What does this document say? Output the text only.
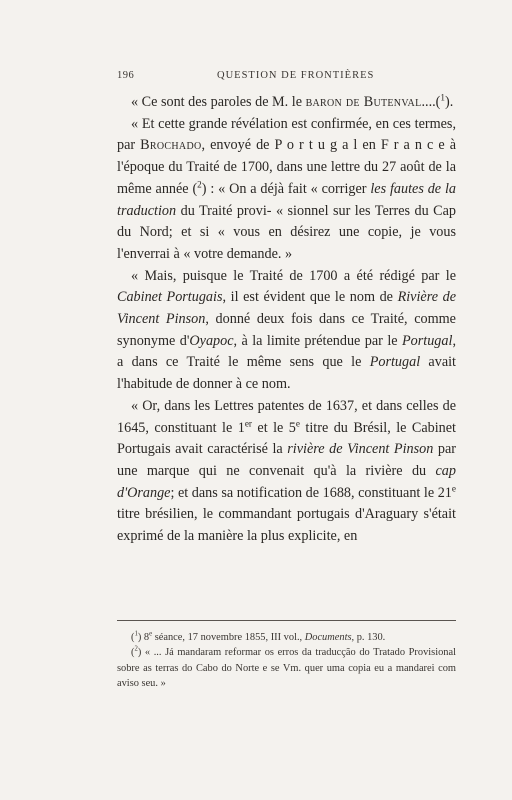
196	QUESTION DE FRONTIÈRES

« Ce sont des paroles de M. le baron de Butenval....($^1$).

« Et cette grande révélation est confirmée, en ces termes, par Brochado, envoyé de P o r t u g a l en F r a n c e à l'époque du Traité de 1700, dans une lettre du 27 août de la même année ($^2$) : « On a déjà fait « corriger les fautes de la traduction du Traité provi- « sionnel sur les Terres du Cap du Nord; et si « vous en désirez une copie, je vous l'enverrai à « votre demande. »

« Mais, puisque le Traité de 1700 a été rédigé par le Cabinet Portugais, il est évident que le nom de Rivière de Vincent Pinson, donné deux fois dans ce Traité, comme synonyme d'Oyapoc, à la limite prétendue par le Portugal, a dans ce Traité le même sens que le Portugal avait l'habitude de donner à ce nom.

« Or, dans les Lettres patentes de 1637, et dans celles de 1645, constituant le 1er et le 5e titre du Brésil, le Cabinet Portugais avait caractérisé la rivière de Vincent Pinson par une marque qui ne convenait qu'à la rivière du cap d'Orange; et dans sa notification de 1688, constituant le 21e titre brésilien, le commandant portugais d'Araguary s'était exprimé de la manière la plus explicite, en

($^1$) 8e séance, 17 novembre 1855, III vol., Documents, p. 130.

($^2$) « ... Já mandaram reformar os erros da traducção do Tratado Provisional sobre as terras do Cabo do Norte e se Vm. quer uma copia eu a mandarei com aviso seu. »
